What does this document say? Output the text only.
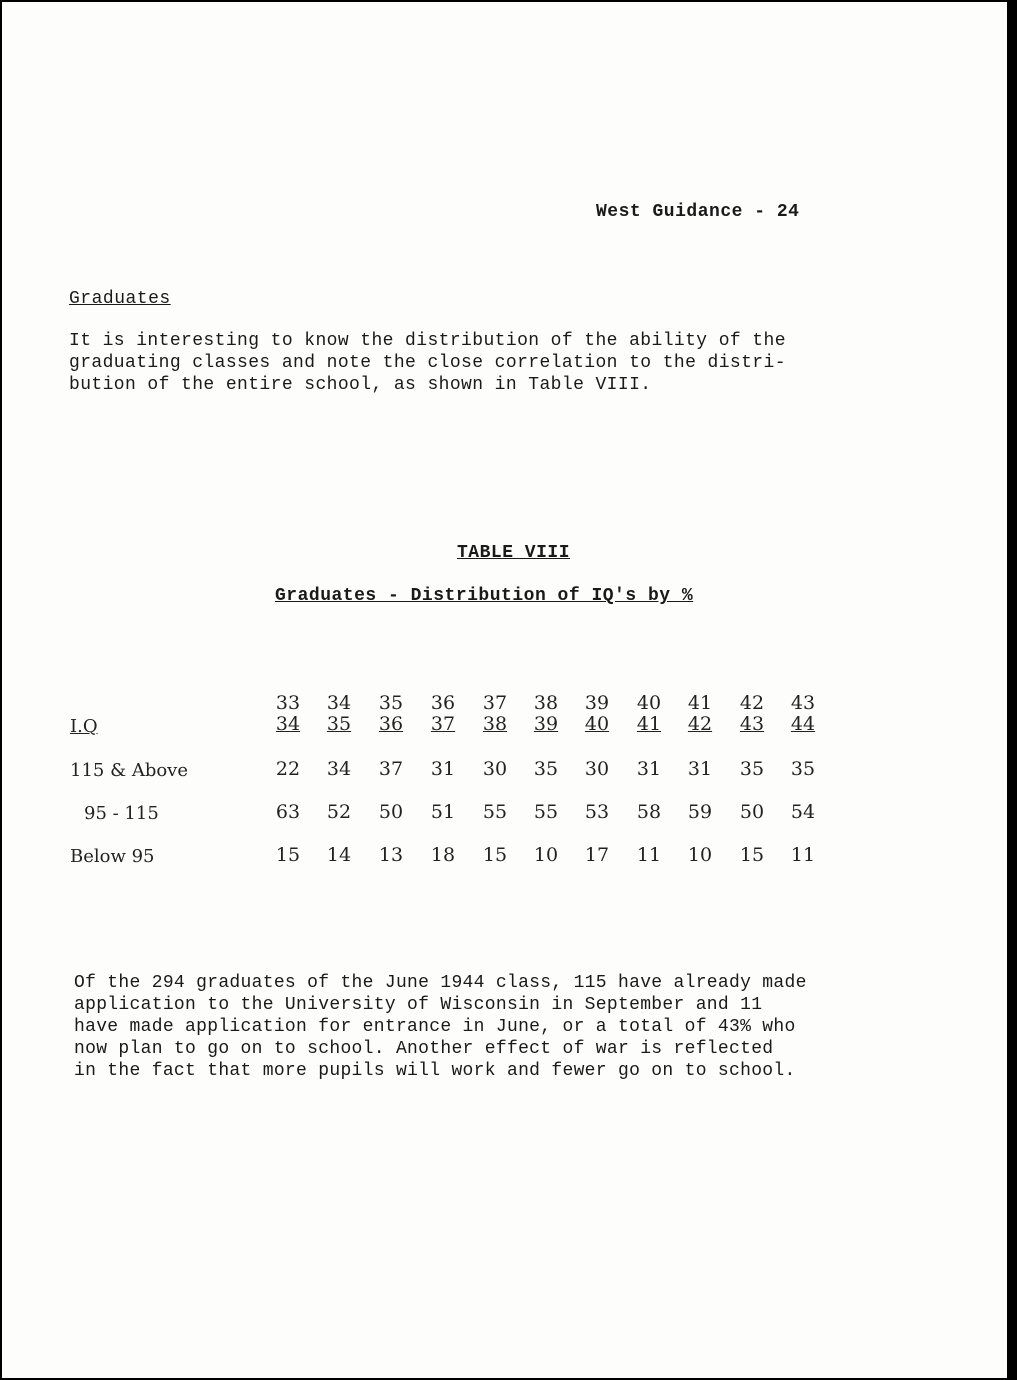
West Guidance - 24
Graduates
It is interesting to know the distribution of the ability of the
graduating classes and note the close correlation to the distri-
bution of the entire school, as shown in Table VIII.
TABLE VIII
Graduates - Distribution of IQ's by %
I.Q
33	34	35	36	37	38	39	40	41	42	43
34	35	36	37	38	39	40	41	42	43	44
115 & Above	22	34	37	31	30	35	30	31	31	35	35
95 - 115	63	52	50	51	55	55	53	58	59	50	54
Below 95	15	14	13	18	15	10	17	11	10	15	11
Of the 294 graduates of the June 1944 class, 115 have already made
application to the University of Wisconsin in September and 11
have made application for entrance in June, or a total of 43% who
now plan to go on to school. Another effect of war is reflected
in the fact that more pupils will work and fewer go on to school.
